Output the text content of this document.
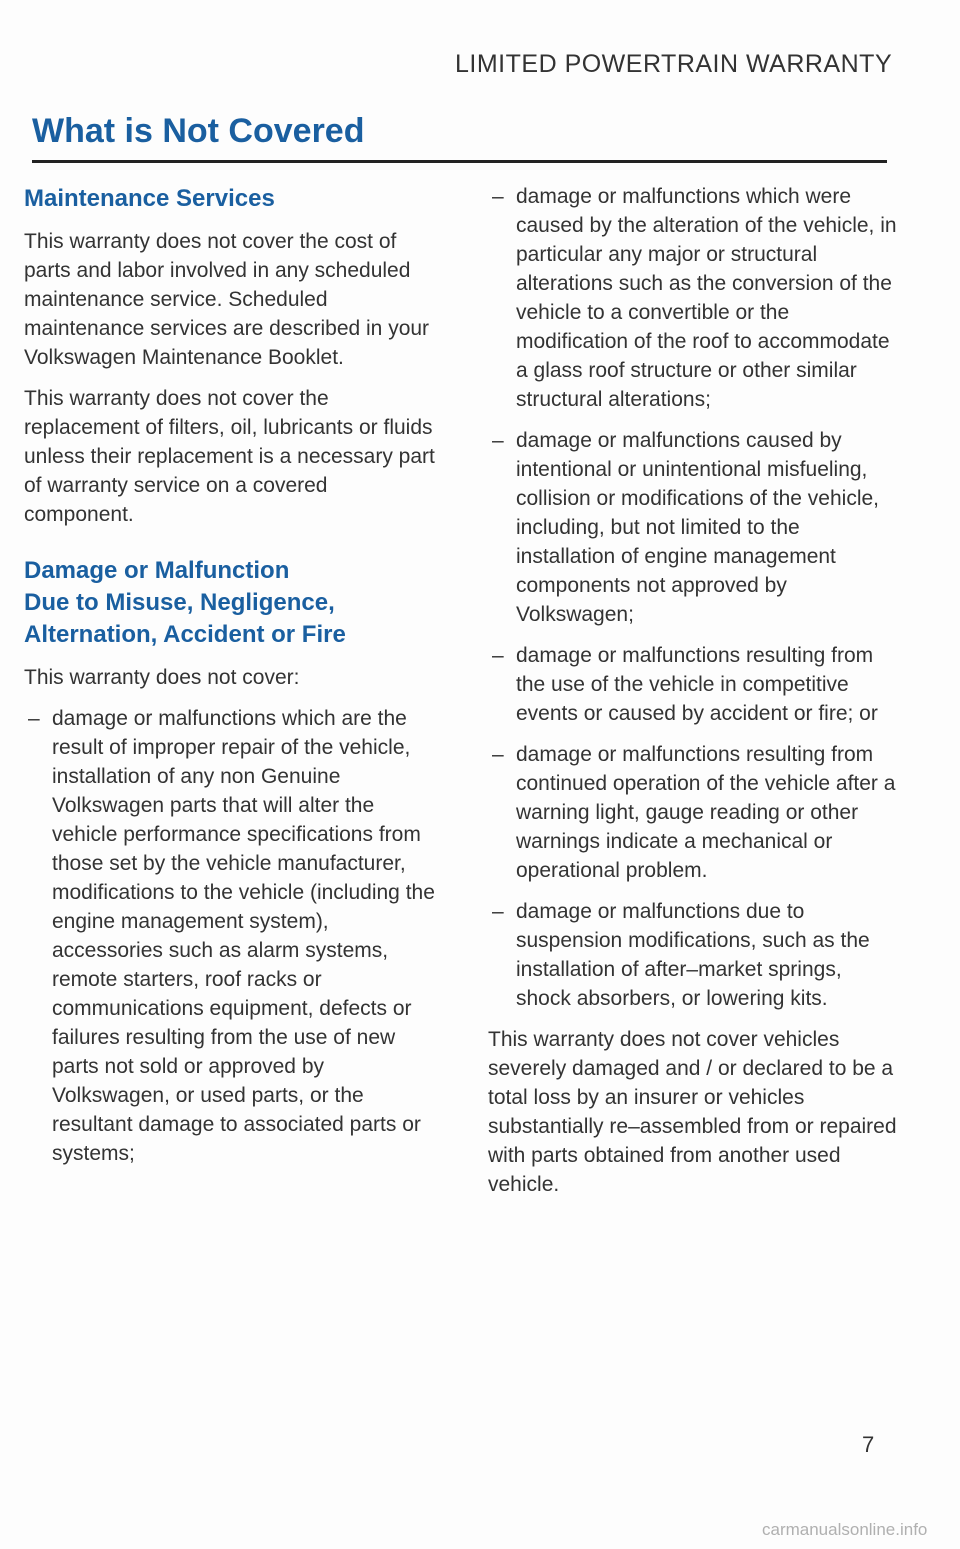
LIMITED POWERTRAIN WARRANTY
What is Not Covered
Maintenance Services

This warranty does not cover the cost of parts and labor involved in any scheduled maintenance service. Scheduled maintenance services are described in your Volkswagen Maintenance Booklet.

This warranty does not cover the replacement of filters, oil, lubricants or fluids unless their replacement is a necessary part of warranty service on a covered component.

Damage or Malfunction
Due to Misuse, Negligence,
Alternation, Accident or Fire

This warranty does not cover:

– damage or malfunctions which are the result of improper repair of the vehicle, installation of any non Genuine Volkswagen parts that will alter the vehicle performance specifications from those set by the vehicle manufacturer, modifications to the vehicle (including the engine management system), accessories such as alarm systems, remote starters, roof racks or communications equipment, defects or failures resulting from the use of new parts not sold or approved by Volkswagen, or used parts, or the resultant damage to associated parts or systems;
– damage or malfunctions which were caused by the alteration of the vehicle, in particular any major or structural alterations such as the conversion of the vehicle to a convertible or the modification of the roof to accommodate a glass roof structure or other similar structural alterations;
– damage or malfunctions caused by intentional or unintentional misfueling, collision or modifications of the vehicle, including, but not limited to the installation of engine management components not approved by Volkswagen;
– damage or malfunctions resulting from the use of the vehicle in competitive events or caused by accident or fire; or
– damage or malfunctions resulting from continued operation of the vehicle after a warning light, gauge reading or other warnings indicate a mechanical or operational problem.
– damage or malfunctions due to suspension modifications, such as the installation of after–market springs, shock absorbers, or lowering kits.

This warranty does not cover vehicles severely damaged and / or declared to be a total loss by an insurer or vehicles substantially re–assembled from or repaired with parts obtained from another used vehicle.

7
carmanualsonline.info
